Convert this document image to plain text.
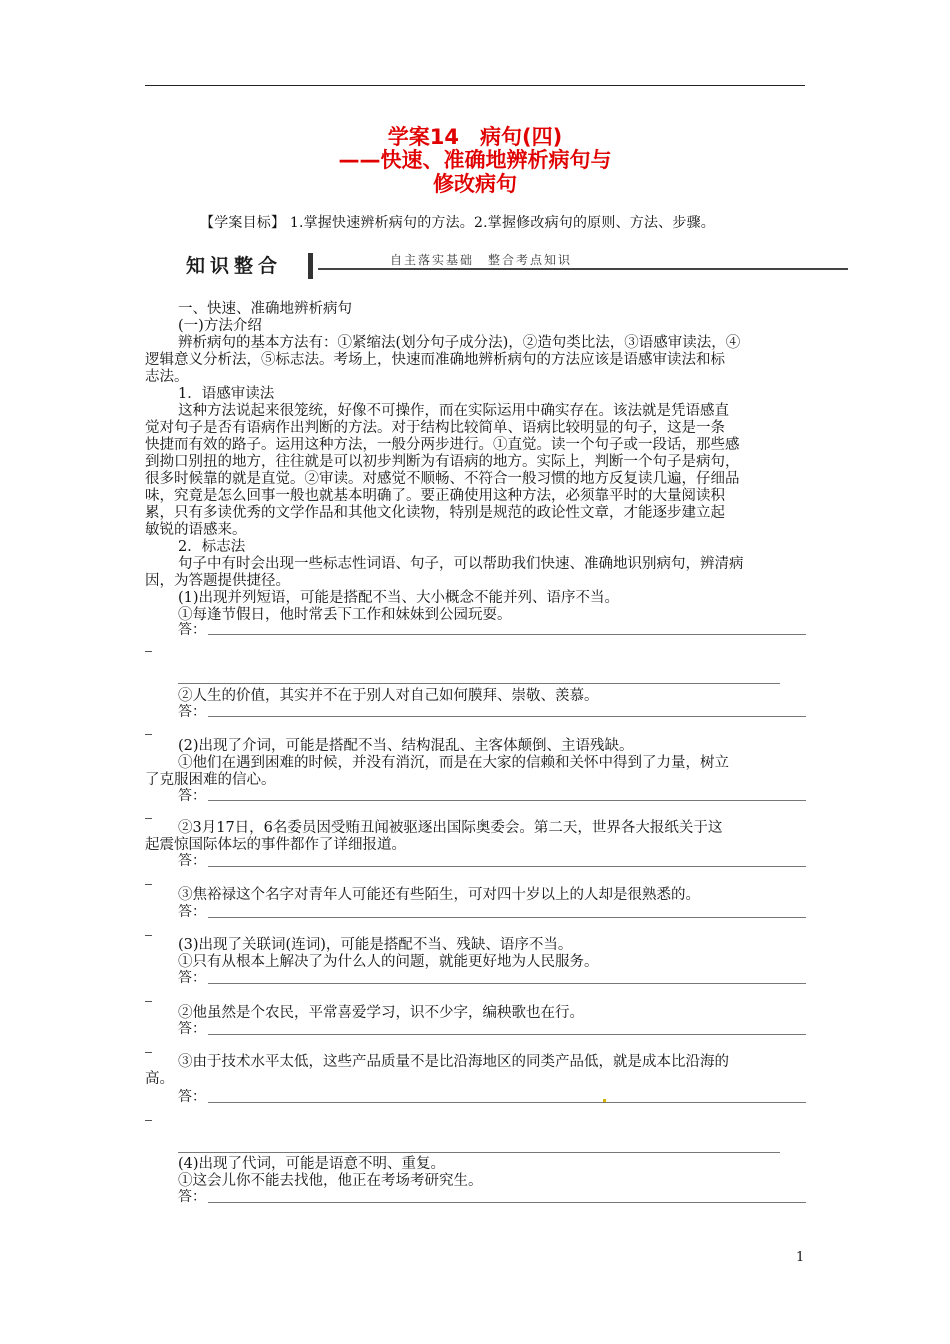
学案14　病句(四)
——快速、准确地辨析病句与
修改病句
【学案目标】 1.掌握快速辨析病句的方法。2.掌握修改病句的原则、方法、步骤。
知识整合	自主落实基础　整合考点知识
一、快速、准确地辨析病句
(一)方法介绍
辨析病句的基本方法有：①紧缩法(划分句子成分法)，②造句类比法，③语感审读法，④
逻辑意义分析法，⑤标志法。考场上，快速而准确地辨析病句的方法应该是语感审读法和标
志法。
1．语感审读法
这种方法说起来很笼统，好像不可操作，而在实际运用中确实存在。该法就是凭语感直
觉对句子是否有语病作出判断的方法。对于结构比较简单、语病比较明显的句子，这是一条
快捷而有效的路子。运用这种方法，一般分两步进行。①直觉。读一个句子或一段话，那些感
到拗口别扭的地方，往往就是可以初步判断为有语病的地方。实际上，判断一个句子是病句，
很多时候靠的就是直觉。②审读。对感觉不顺畅、不符合一般习惯的地方反复读几遍，仔细品
味，究竟是怎么回事一般也就基本明确了。要正确使用这种方法，必须靠平时的大量阅读积
累，只有多读优秀的文学作品和其他文化读物，特别是规范的政论性文章，才能逐步建立起
敏锐的语感来。
2．标志法
句子中有时会出现一些标志性词语、句子，可以帮助我们快速、准确地识别病句，辨清病
因，为答题提供捷径。
(1)出现并列短语，可能是搭配不当、大小概念不能并列、语序不当。
①每逢节假日，他时常丢下工作和妹妹到公园玩耍。
答：
②人生的价值，其实并不在于别人对自己如何膜拜、崇敬、羡慕。
答：
(2)出现了介词，可能是搭配不当、结构混乱、主客体颠倒、主语残缺。
①他们在遇到困难的时候，并没有消沉，而是在大家的信赖和关怀中得到了力量，树立
了克服困难的信心。
答：
②3月17日，6名委员因受贿丑闻被驱逐出国际奥委会。第二天，世界各大报纸关于这
起震惊国际体坛的事件都作了详细报道。
答：
③焦裕禄这个名字对青年人可能还有些陌生，可对四十岁以上的人却是很熟悉的。
答：
(3)出现了关联词(连词)，可能是搭配不当、残缺、语序不当。
①只有从根本上解决了为什么人的问题，就能更好地为人民服务。
答：
②他虽然是个农民，平常喜爱学习，识不少字，编秧歌也在行。
答：
③由于技术水平太低，这些产品质量不是比沿海地区的同类产品低，就是成本比沿海的
高。
答：
(4)出现了代词，可能是语意不明、重复。
①这会儿你不能去找他，他正在考场考研究生。
答：
1
